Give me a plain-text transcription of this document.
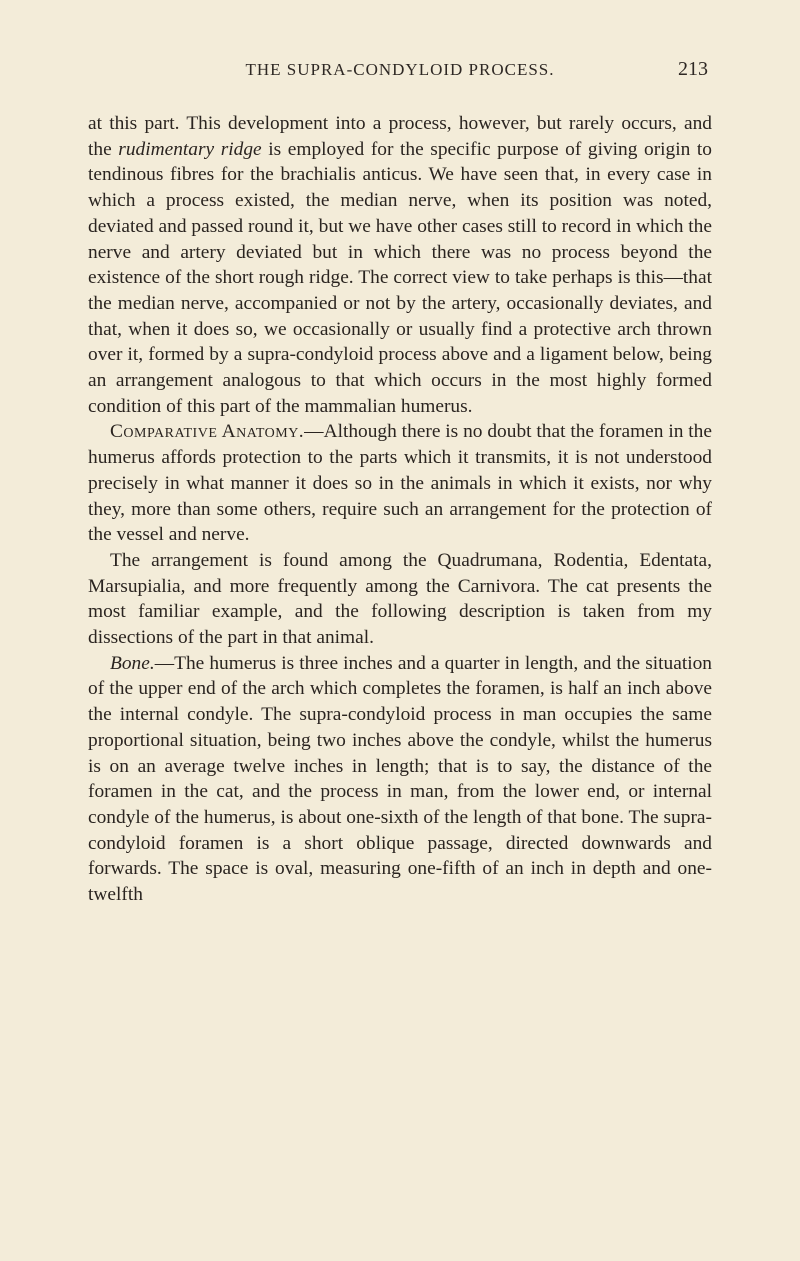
THE SUPRA-CONDYLOID PROCESS.	213

at this part. This development into a process, however, but rarely occurs, and the rudimentary ridge is employed for the specific purpose of giving origin to tendinous fibres for the brachialis anticus. We have seen that, in every case in which a process existed, the median nerve, when its position was noted, deviated and passed round it, but we have other cases still to record in which the nerve and artery deviated but in which there was no process beyond the existence of the short rough ridge. The correct view to take perhaps is this—that the median nerve, accompanied or not by the artery, occasionally deviates, and that, when it does so, we occasionally or usually find a protective arch thrown over it, formed by a supra-condyloid process above and a ligament below, being an arrangement analogous to that which occurs in the most highly formed condition of this part of the mammalian humerus.

Comparative Anatomy.—Although there is no doubt that the foramen in the humerus affords protection to the parts which it transmits, it is not understood precisely in what manner it does so in the animals in which it exists, nor why they, more than some others, require such an arrangement for the protection of the vessel and nerve.

The arrangement is found among the Quadrumana, Rodentia, Edentata, Marsupialia, and more frequently among the Carnivora. The cat presents the most familiar example, and the following description is taken from my dissections of the part in that animal.

Bone.—The humerus is three inches and a quarter in length, and the situation of the upper end of the arch which completes the foramen, is half an inch above the internal condyle. The supra-condyloid process in man occupies the same proportional situation, being two inches above the condyle, whilst the humerus is on an average twelve inches in length; that is to say, the distance of the foramen in the cat, and the process in man, from the lower end, or internal condyle of the humerus, is about one-sixth of the length of that bone. The supra-condyloid foramen is a short oblique passage, directed downwards and forwards. The space is oval, measuring one-fifth of an inch in depth and one-twelfth
